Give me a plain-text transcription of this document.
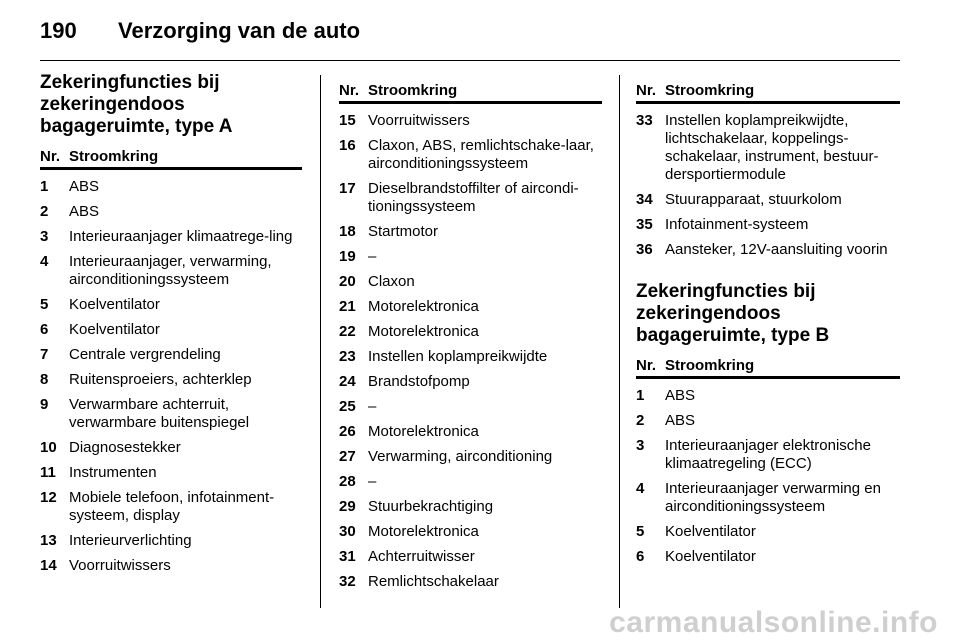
190 Verzorging van de auto
Zekeringfuncties bij zekeringendoos bagageruimte, type A
Nr. Stroomkring
1	ABS
2	ABS
3	Interieuraanjager klimaatrege-ling
4	Interieuraanjager, verwarming, airconditioningssysteem
5	Koelventilator
6	Koelventilator
7	Centrale vergrendeling
8	Ruitensproeiers, achterklep
9	Verwarmbare achterruit, verwarmbare buitenspiegel
10 Diagnosestekker
11 Instrumenten
12 Mobiele telefoon, infotainment-systeem, display
13 Interieurverlichting
14 Voorruitwissers
Nr. Stroomkring
15 Voorruitwissers
16 Claxon, ABS, remlichtschake-laar, airconditioningssysteem
17 Dieselbrandstoffilter of aircondi-tioningssysteem
18 Startmotor
19 –
20 Claxon
21 Motorelektronica
22 Motorelektronica
23 Instellen koplampreikwijdte
24 Brandstofpomp
25 –
26 Motorelektronica
27 Verwarming, airconditioning
28 –
29 Stuurbekrachtiging
30 Motorelektronica
31 Achterruitwisser
32 Remlichtschakelaar
Nr. Stroomkring
33 Instellen koplampreikwijdte, lichtschakelaar, koppelings-schakelaar, instrument, bestuur-dersportiermodule
34 Stuurapparaat, stuurkolom
35 Infotainment-systeem
36 Aansteker, 12V-aansluiting voorin
Zekeringfuncties bij zekeringendoos bagageruimte, type B
Nr. Stroomkring
1	ABS
2	ABS
3	Interieuraanjager elektronische klimaatregeling (ECC)
4	Interieuraanjager verwarming en airconditioningssysteem
5	Koelventilator
6	Koelventilator
carmanualsonline.info
